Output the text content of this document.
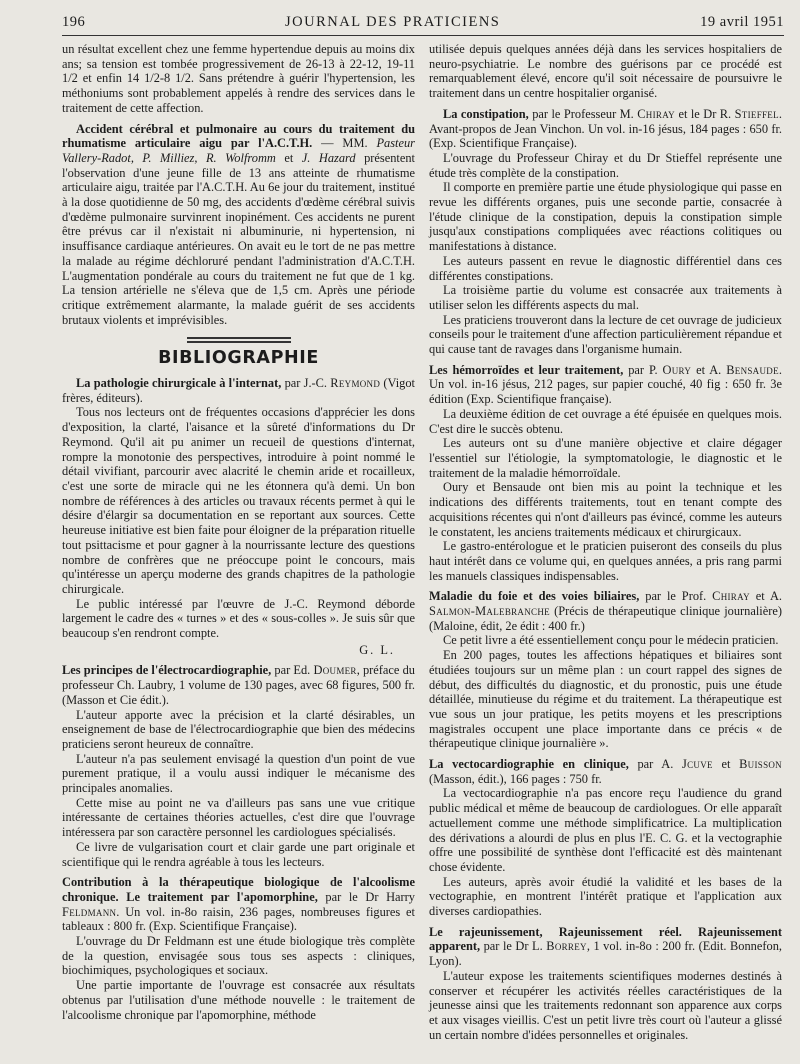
196	JOURNAL DES PRATICIENS	19 avril 1951

un résultat excellent chez une femme hypertendue depuis au moins dix ans; sa tension est tombée progressivement de 26-13 à 22-12, 19-11 1/2 et enfin 14 1/2-8 1/2. Sans prétendre à guérir l'hypertension, les méthoniums sont probablement appelés à rendre des services dans le traitement de cette affection.

Accident cérébral et pulmonaire au cours du traitement du rhumatisme articulaire aigu par l'A.C.T.H. — MM. Pasteur Vallery-Radot, P. Milliez, R. Wolfromm et J. Hazard présentent l'observation d'une jeune fille de 13 ans atteinte de rhumatisme articulaire aigu, traitée par l'A.C.T.H. Au 6e jour du traitement, institué à la dose quotidienne de 50 mg, des accidents d'œdème cérébral suivis d'œdème pulmonaire survinrent inopinément. Ces accidents ne purent être prévus car il n'existait ni albuminurie, ni hypertension, ni insuffisance cardiaque antérieures. On avait eu le tort de ne pas mettre la malade au régime déchloruré pendant l'administration d'A.C.T.H. L'augmentation pondérale au cours du traitement ne fut que de 1 kg. La tension artérielle ne s'éleva que de 1,5 cm. Après une période critique extrêmement alarmante, la malade guérit de ses accidents brutaux violents et imprévisibles.

BIBLIOGRAPHIE

La pathologie chirurgicale à l'internat, par J.-C. Reymond (Vigot frères, éditeurs).

Tous nos lecteurs ont de fréquentes occasions d'apprécier les dons d'exposition, la clarté, l'aisance et la sûreté d'informations du Dr Reymond. Qu'il ait pu animer un recueil de questions d'internat, rompre la monotonie des perspectives, introduire à point nommé le détail vivifiant, parcourir avec alacrité le chemin aride et rocailleux, c'est une sorte de miracle qui ne les étonnera qu'à demi. Un bon nombre de références à des articles ou travaux récents permet à qui le désire d'élargir sa documentation en se reportant aux sources. Cette heureuse initiative est bien faite pour éloigner de la préparation rituelle tout psittacisme et pour gagner à la nourrissante lecture des questions nombre de confrères que ne préoccupe point le concours, mais qu'intéresse un aperçu moderne des grands chapitres de la pathologie chirurgicale.

Le public intéressé par l'œuvre de J.-C. Reymond déborde largement le cadre des « turnes » et des « sous-colles ». Je suis sûr que beaucoup s'en rendront compte.

G. L.

Les principes de l'électrocardiographie, par Ed. Doumer, préface du professeur Ch. Laubry, 1 volume de 130 pages, avec 68 figures, 500 fr. (Masson et Cie édit.).

L'auteur apporte avec la précision et la clarté désirables, un enseignement de base de l'électrocardiographie que bien des médecins praticiens seront heureux de connaître.

L'auteur n'a pas seulement envisagé la question d'un point de vue purement pratique, il a voulu aussi indiquer le mécanisme des principales anomalies.

Cette mise au point ne va d'ailleurs pas sans une vue critique intéressante de certaines théories actuelles, c'est dire que l'ouvrage intéressera par son caractère personnel les cardiologues spécialisés.

Ce livre de vulgarisation court et clair garde une part originale et scientifique qui le rendra agréable à tous les lecteurs.

Contribution à la thérapeutique biologique de l'alcoolisme chronique. Le traitement par l'apomorphine, par le Dr Harry Feldmann. Un vol. in-8o raisin, 236 pages, nombreuses figures et tableaux : 800 fr. (Exp. Scientifique Française).

L'ouvrage du Dr Feldmann est une étude biologique très complète de la question, envisagée sous tous ses aspects : cliniques, biochimiques, psychologiques et sociaux.

Une partie importante de l'ouvrage est consacrée aux résultats obtenus par l'utilisation d'une méthode nouvelle : le traitement de l'alcoolisme chronique par l'apomorphine, méthode

utilisée depuis quelques années déjà dans les services hospitaliers de neuro-psychiatrie. Le nombre des guérisons par ce procédé est remarquablement élevé, encore qu'il soit nécessaire de poursuivre le traitement dans un centre hospitalier organisé.

La constipation, par le Professeur M. Chiray et le Dr R. Stieffel. Avant-propos de Jean Vinchon. Un vol. in-16 jésus, 184 pages : 650 fr. (Exp. Scientifique Française).

L'ouvrage du Professeur Chiray et du Dr Stieffel représente une étude très complète de la constipation.

Il comporte en première partie une étude physiologique qui passe en revue les différents organes, puis une seconde partie, consacrée à l'étude clinique de la constipation, depuis la constipation simple jusqu'aux constipations compliquées avec réactions colitiques ou manifestations à distance.

Les auteurs passent en revue le diagnostic différentiel dans ces différentes constipations.

La troisième partie du volume est consacrée aux traitements à utiliser selon les différents aspects du mal.

Les praticiens trouveront dans la lecture de cet ouvrage de judicieux conseils pour le traitement d'une affection particulièrement répandue et qui cause tant de ravages dans l'organisme humain.

Les hémorroïdes et leur traitement, par P. Oury et A. Bensaude. Un vol. in-16 jésus, 212 pages, sur papier couché, 40 fig : 650 fr. 3e édition (Exp. Scientifique française).

La deuxième édition de cet ouvrage a été épuisée en quelques mois. C'est dire le succès obtenu.

Les auteurs ont su d'une manière objective et claire dégager l'essentiel sur l'étiologie, la symptomatologie, le diagnostic et le traitement de la maladie hémorroïdale.

Oury et Bensaude ont bien mis au point la technique et les indications des différents traitements, tout en tenant compte des acquisitions récentes qui n'ont d'ailleurs pas évincé, comme les auteurs le constatent, les anciens traitements médicaux et chirurgicaux.

Le gastro-entérologue et le praticien puiseront des conseils du plus haut intérêt dans ce volume qui, en quelques années, a pris rang parmi les manuels classiques indispensables.

Maladie du foie et des voies biliaires, par le Prof. Chiray et A. Salmon-Malebranche (Précis de thérapeutique clinique journalière) (Maloine, édit, 2e édit : 400 fr.)

Ce petit livre a été essentiellement conçu pour le médecin praticien.

En 200 pages, toutes les affections hépatiques et biliaires sont étudiées toujours sur un même plan : un court rappel des signes de début, des difficultés du diagnostic, et du pronostic, puis une étude détaillée, minutieuse du régime et du traitement. La thérapeutique est vue sous un jour pratique, les petits moyens et les prescriptions magistrales occupent une place importante dans ce précis « de thérapeutique clinique journalière ».

La vectocardiographie en clinique, par A. Jcuve et Buisson (Masson, édit.), 166 pages : 750 fr.

La vectocardiographie n'a pas encore reçu l'audience du grand public médical et même de beaucoup de cardiologues. Or elle apparaît actuellement comme une méthode simplificatrice. La multiplication des dérivations a alourdi de plus en plus l'E. C. G. et la vectographie offre une possibilité de synthèse dont l'efficacité est dès maintenant chose évidente.

Les auteurs, après avoir étudié la validité et les bases de la vectographie, en montrent l'intérêt pratique et l'application aux diverses cardiopathies.

Le rajeunissement, Rajeunissement réel. Rajeunissement apparent, par le Dr L. Borrey, 1 vol. in-8o : 200 fr. (Edit. Bonnefon, Lyon).

L'auteur expose les traitements scientifiques modernes destinés à conserver et récupérer les activités réelles caractéristiques de la jeunesse ainsi que les traitements redonnant son apparence aux corps et aux visages vieillis. C'est un petit livre très court où l'auteur a glissé un certain nombre d'idées personnelles et originales.
